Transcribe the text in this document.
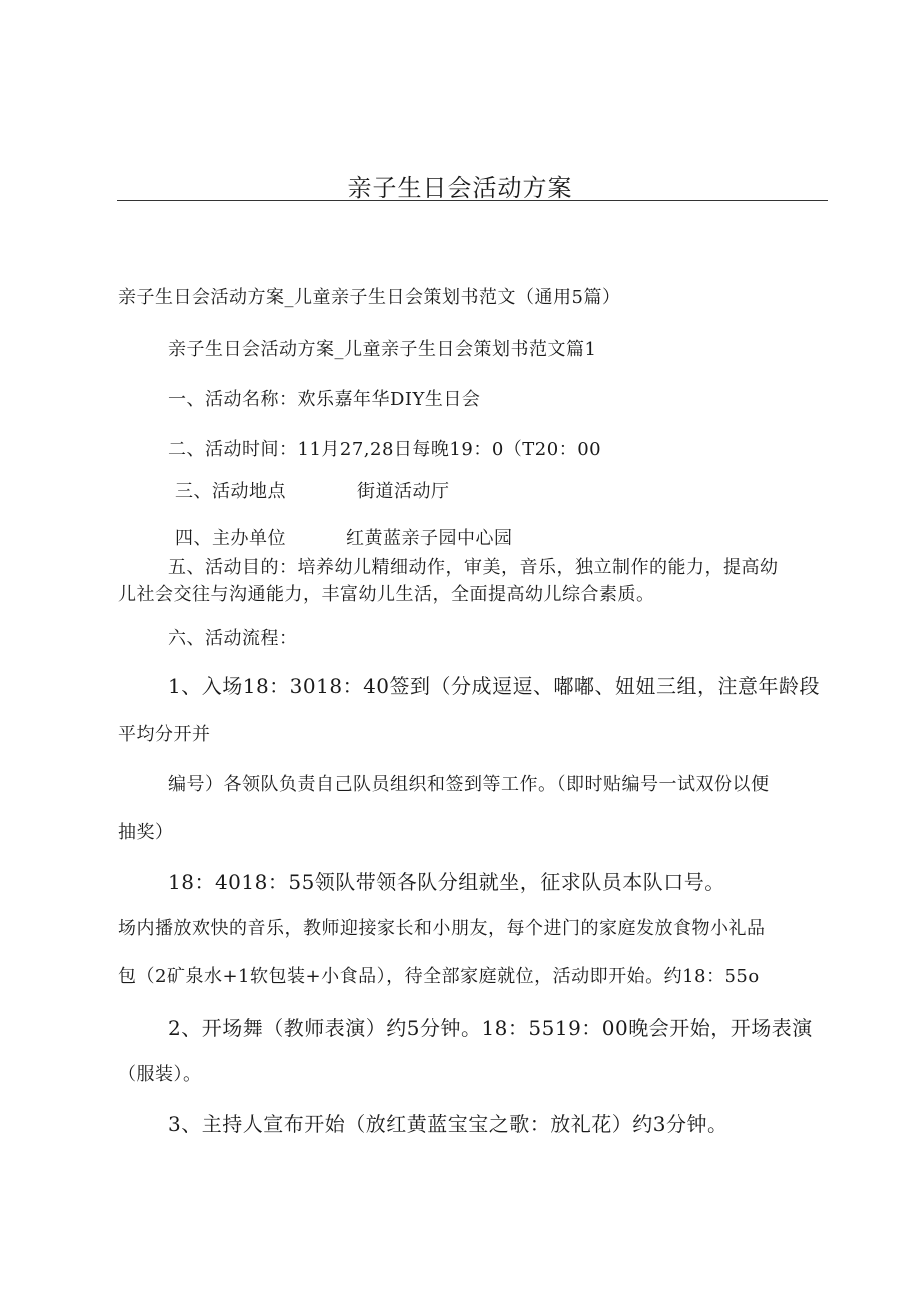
亲子生日会活动方案
亲子生日会活动方案_儿童亲子生日会策划书范文（通用5篇）
亲子生日会活动方案_儿童亲子生日会策划书范文篇1
一、活动名称：欢乐嘉年华DIY生日会
二、活动时间：11月27,28日每晚19：0（T20：00
三、活动地点	街道活动厅
四、主办单位	红黄蓝亲子园中心园
五、活动目的：培养幼儿精细动作，审美，音乐，独立制作的能力，提高幼
儿社会交往与沟通能力，丰富幼儿生活，全面提高幼儿综合素质。
六、活动流程：
1、入场18：3018：40签到（分成逗逗、嘟嘟、妞妞三组，注意年龄段
平均分开并
编号）各领队负责自己队员组织和签到等工作。（即时贴编号一试双份以便
抽奖）
18：4018：55领队带领各队分组就坐，征求队员本队口号。
场内播放欢快的音乐，教师迎接家长和小朋友，每个进门的家庭发放食物小礼品
包（2矿泉水+1软包装+小食品），待全部家庭就位，活动即开始。约18：55o
2、开场舞（教师表演）约5分钟。18：5519：00晚会开始，开场表演
（服装）。
3、主持人宣布开始（放红黄蓝宝宝之歌：放礼花）约3分钟。
